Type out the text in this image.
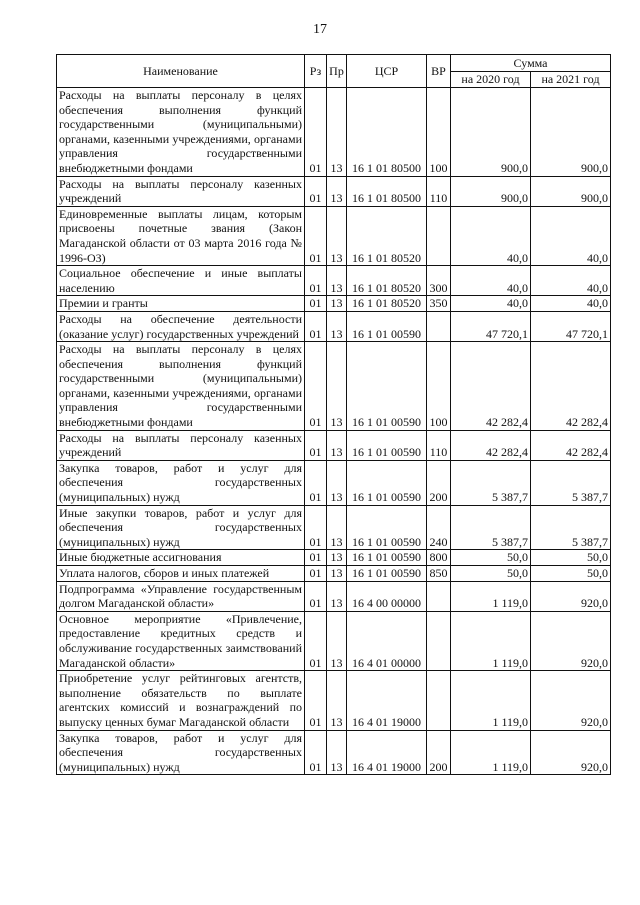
17
Наименование	Рз	Пр	ЦСР	ВР	Сумма	
					на 2020 год	на 2021 год
Расходы на выплаты персоналу в целях обеспечения выполнения функций государственными (муниципальными) органами, казенными учреждениями, органами управления государственными внебюджетными фондами	01	13	16 1 01 80500	100	900,0	900,0
Расходы на выплаты персоналу казенных учреждений	01	13	16 1 01 80500	110	900,0	900,0
Единовременные выплаты лицам, которым присвоены почетные звания (Закон Магаданской области от 03 марта 2016 года № 1996-ОЗ)	01	13	16 1 01 80520		40,0	40,0
Социальное обеспечение и иные выплаты населению	01	13	16 1 01 80520	300	40,0	40,0
Премии и гранты	01	13	16 1 01 80520	350	40,0	40,0
Расходы на обеспечение деятельности (оказание услуг) государственных учреждений	01	13	16 1 01 00590		47 720,1	47 720,1
Расходы на выплаты персоналу в целях обеспечения выполнения функций государственными (муниципальными) органами, казенными учреждениями, органами управления государственными внебюджетными фондами	01	13	16 1 01 00590	100	42 282,4	42 282,4
Расходы на выплаты персоналу казенных учреждений	01	13	16 1 01 00590	110	42 282,4	42 282,4
Закупка товаров, работ и услуг для обеспечения государственных (муниципальных) нужд	01	13	16 1 01 00590	200	5 387,7	5 387,7
Иные закупки товаров, работ и услуг для обеспечения государственных (муниципальных) нужд	01	13	16 1 01 00590	240	5 387,7	5 387,7
Иные бюджетные ассигнования	01	13	16 1 01 00590	800	50,0	50,0
Уплата налогов, сборов и иных платежей	01	13	16 1 01 00590	850	50,0	50,0
Подпрограмма «Управление государственным долгом Магаданской области»	01	13	16 4 00 00000		1 119,0	920,0
Основное мероприятие «Привлечение, предоставление кредитных средств и обслуживание государственных заимствований Магаданской области»	01	13	16 4 01 00000		1 119,0	920,0
Приобретение услуг рейтинговых агентств, выполнение обязательств по выплате агентских комиссий и вознаграждений по выпуску ценных бумаг Магаданской области	01	13	16 4 01 19000		1 119,0	920,0
Закупка товаров, работ и услуг для обеспечения государственных (муниципальных) нужд	01	13	16 4 01 19000	200	1 119,0	920,0
